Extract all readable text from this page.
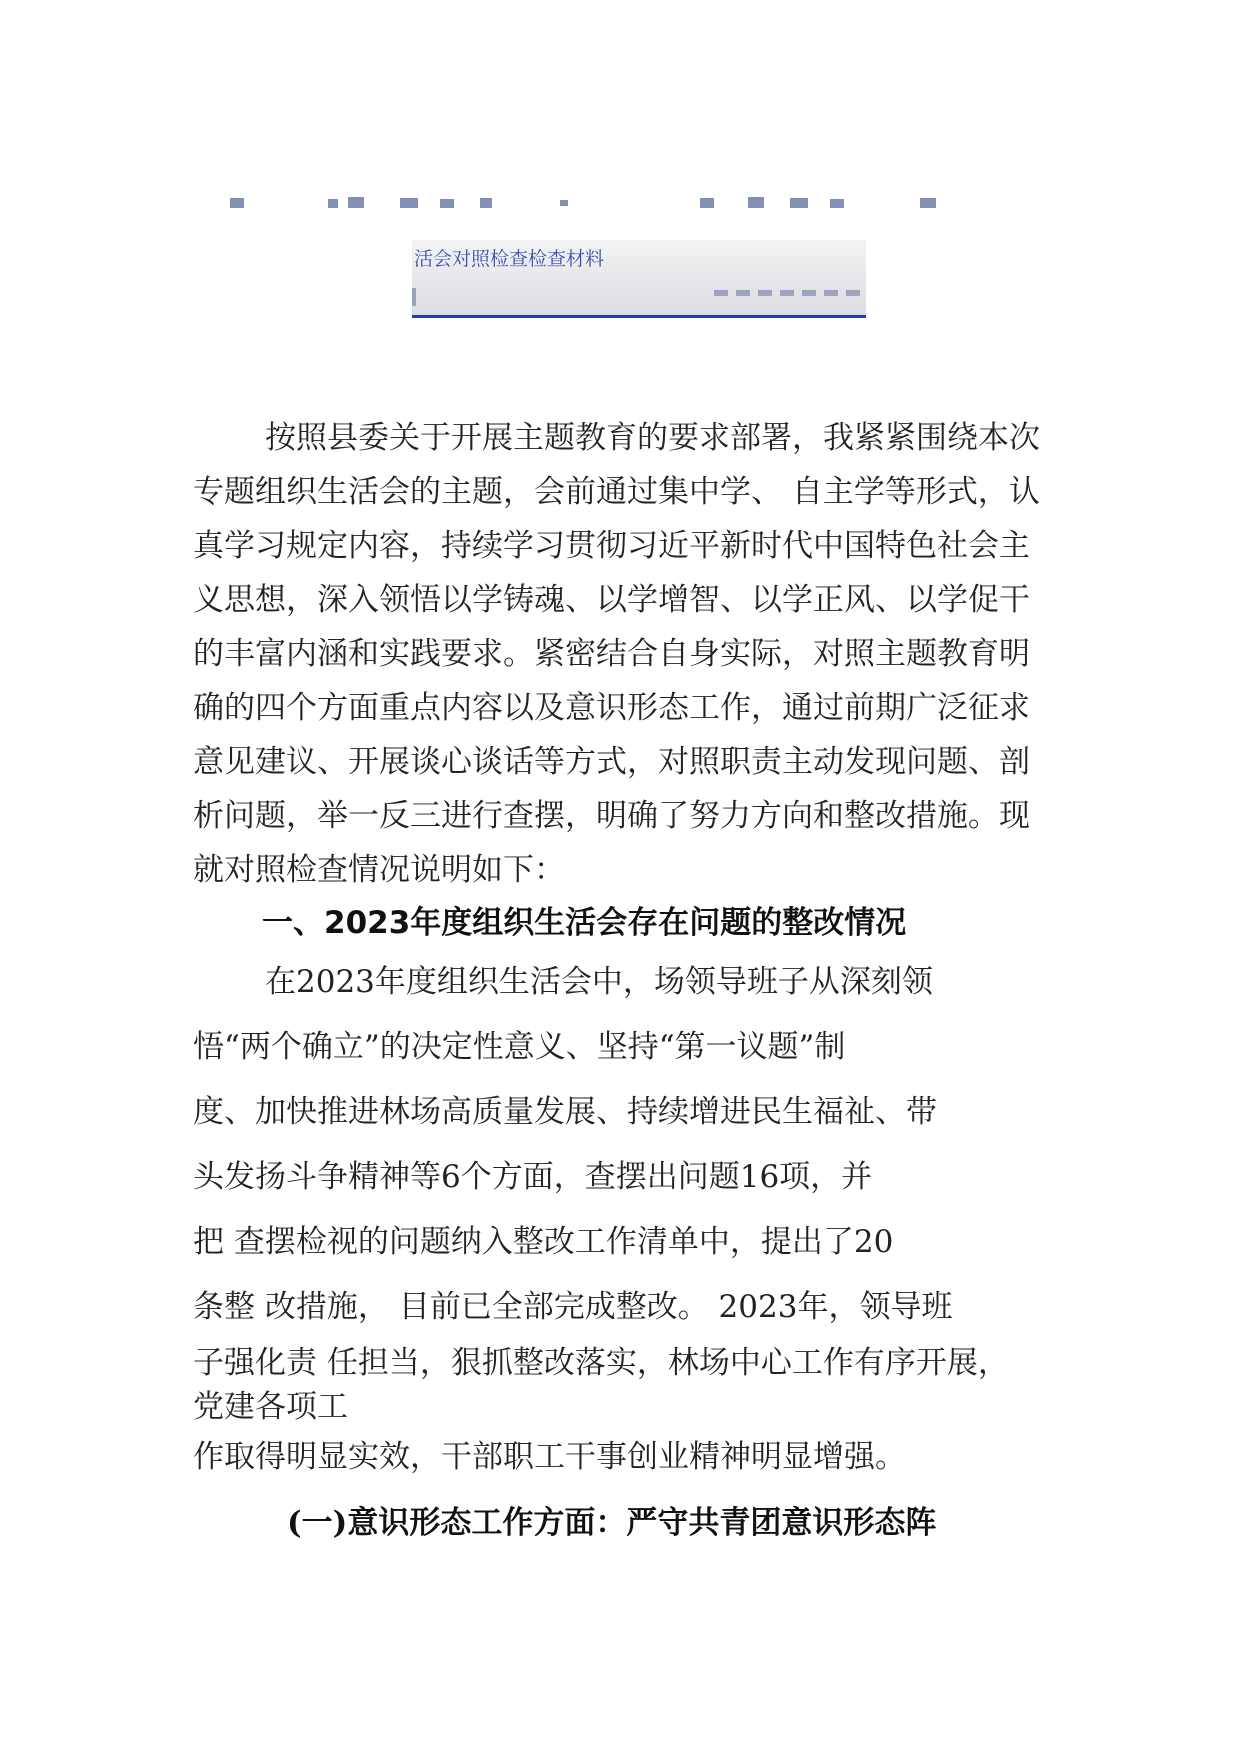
活会对照检查检查材料

按照县委关于开展主题教育的要求部署，我紧紧围绕本次

专题组织生活会的主题，会前通过集中学、 自主学等形式，认

真学习规定内容，持续学习贯彻习近平新时代中国特色社会主

义思想，深入领悟以学铸魂、以学增智、以学正风、以学促干

的丰富内涵和实践要求。紧密结合自身实际，对照主题教育明

确的四个方面重点内容以及意识形态工作，通过前期广泛征求

意见建议、开展谈心谈话等方式，对照职责主动发现问题、剖

析问题，举一反三进行查摆，明确了努力方向和整改措施。现

就对照检查情况说明如下：

一、2023年度组织生活会存在问题的整改情况

在2023年度组织生活会中，场领导班子从深刻领

悟“两个确立”的决定性意义、坚持“第一议题”制

度、加快推进林场高质量发展、持续增进民生福祉、带

头发扬斗争精神等6个方面，查摆出问题16项，并

把 查摆检视的问题纳入整改工作清单中，提出了20

条整 改措施， 目前已全部完成整改。 2023年，领导班

子强化责 任担当，狠抓整改落实，林场中心工作有序开展，

党建各项工

作取得明显实效，干部职工干事创业精神明显增强。

(一)意识形态工作方面：严守共青团意识形态阵
